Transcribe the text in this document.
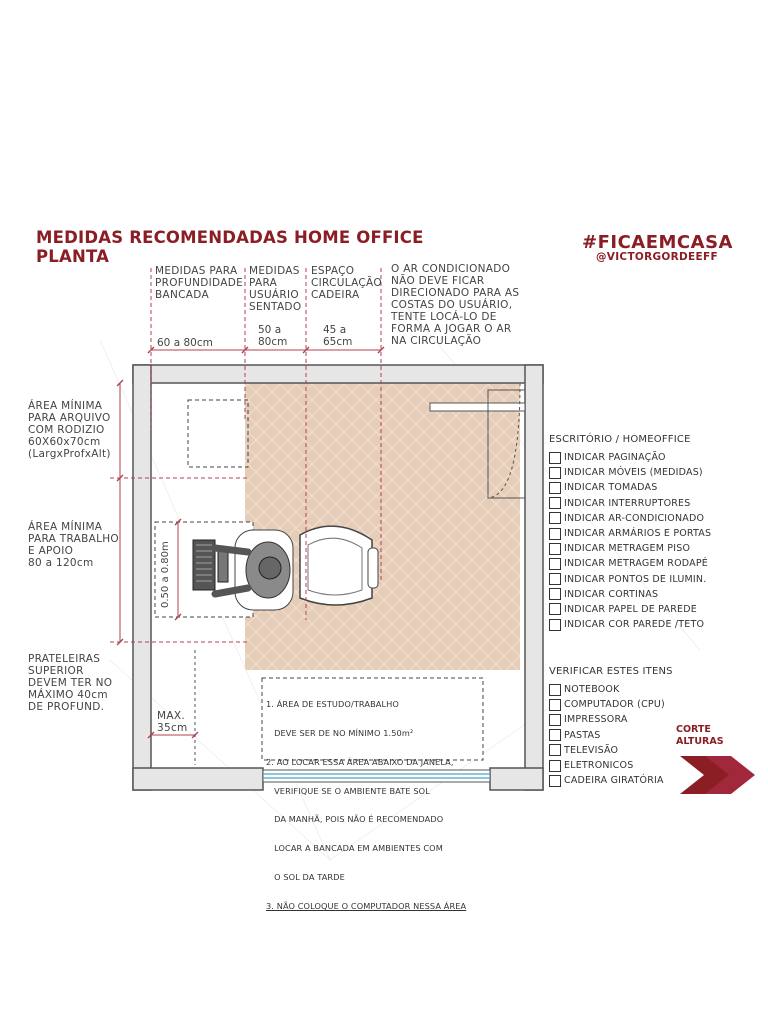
MEDIDAS RECOMENDADAS HOME OFFICE
PLANTA
#FICAEMCASA
@VICTORGORDEEFF
MEDIDAS PARA
PROFUNDIDADE
BANCADA
60 a 80cm
MEDIDAS
PARA
USUÁRIO
SENTADO
50 a
80cm
ESPAÇO
CIRCULAÇÃO
CADEIRA
45 a
65cm
O AR CONDICIONADO
NÃO DEVE FICAR
DIRECIONADO PARA AS
COSTAS DO USUÁRIO,
TENTE LOCÁ-LO DE
FORMA A JOGAR O AR
NA CIRCULAÇÃO
ÁREA MÍNIMA
PARA ARQUIVO
COM RODIZIO
60X60x70cm
(LargxProfxAlt)
ÁREA MÍNIMA
PARA TRABALHO
E APOIO
80 a 120cm
PRATELEIRAS
SUPERIOR
DEVEM TER NO
MÁXIMO 40cm
DE PROFUND.
0.50 a 0.80m
MAX.
35cm

1. ÁREA DE ESTUDO/TRABALHO

DEVE SER DE NO MÍNIMO 1.50m²

2. AO LOCAR ESSA ÁREA ABAIXO DA JANELA,

VERIFIQUE SE O AMBIENTE BATE SOL

DA MANHÃ, POIS NÃO É RECOMENDADO

LOCAR A BANCADA EM AMBIENTES COM

O SOL DA TARDE

3. NÃO COLOQUE O COMPUTADOR NESSA ÁREA

ESCRITÓRIO / HOMEOFFICE
INDICAR PAGINAÇÃO
INDICAR MÓVEIS (MEDIDAS)
INDICAR TOMADAS
INDICAR INTERRUPTORES
INDICAR AR-CONDICIONADO
INDICAR ARMÁRIOS E PORTAS
INDICAR METRAGEM PISO
INDICAR METRAGEM RODAPÉ
INDICAR PONTOS DE ILUMIN.
INDICAR CORTINAS
INDICAR PAPEL DE PAREDE
INDICAR COR PAREDE /TETO
VERIFICAR ESTES ITENS
NOTEBOOK
COMPUTADOR (CPU)
IMPRESSORA
PASTAS
TELEVISÃO
ELETRONICOS
CADEIRA GIRATÓRIA
CORTE
ALTURAS
